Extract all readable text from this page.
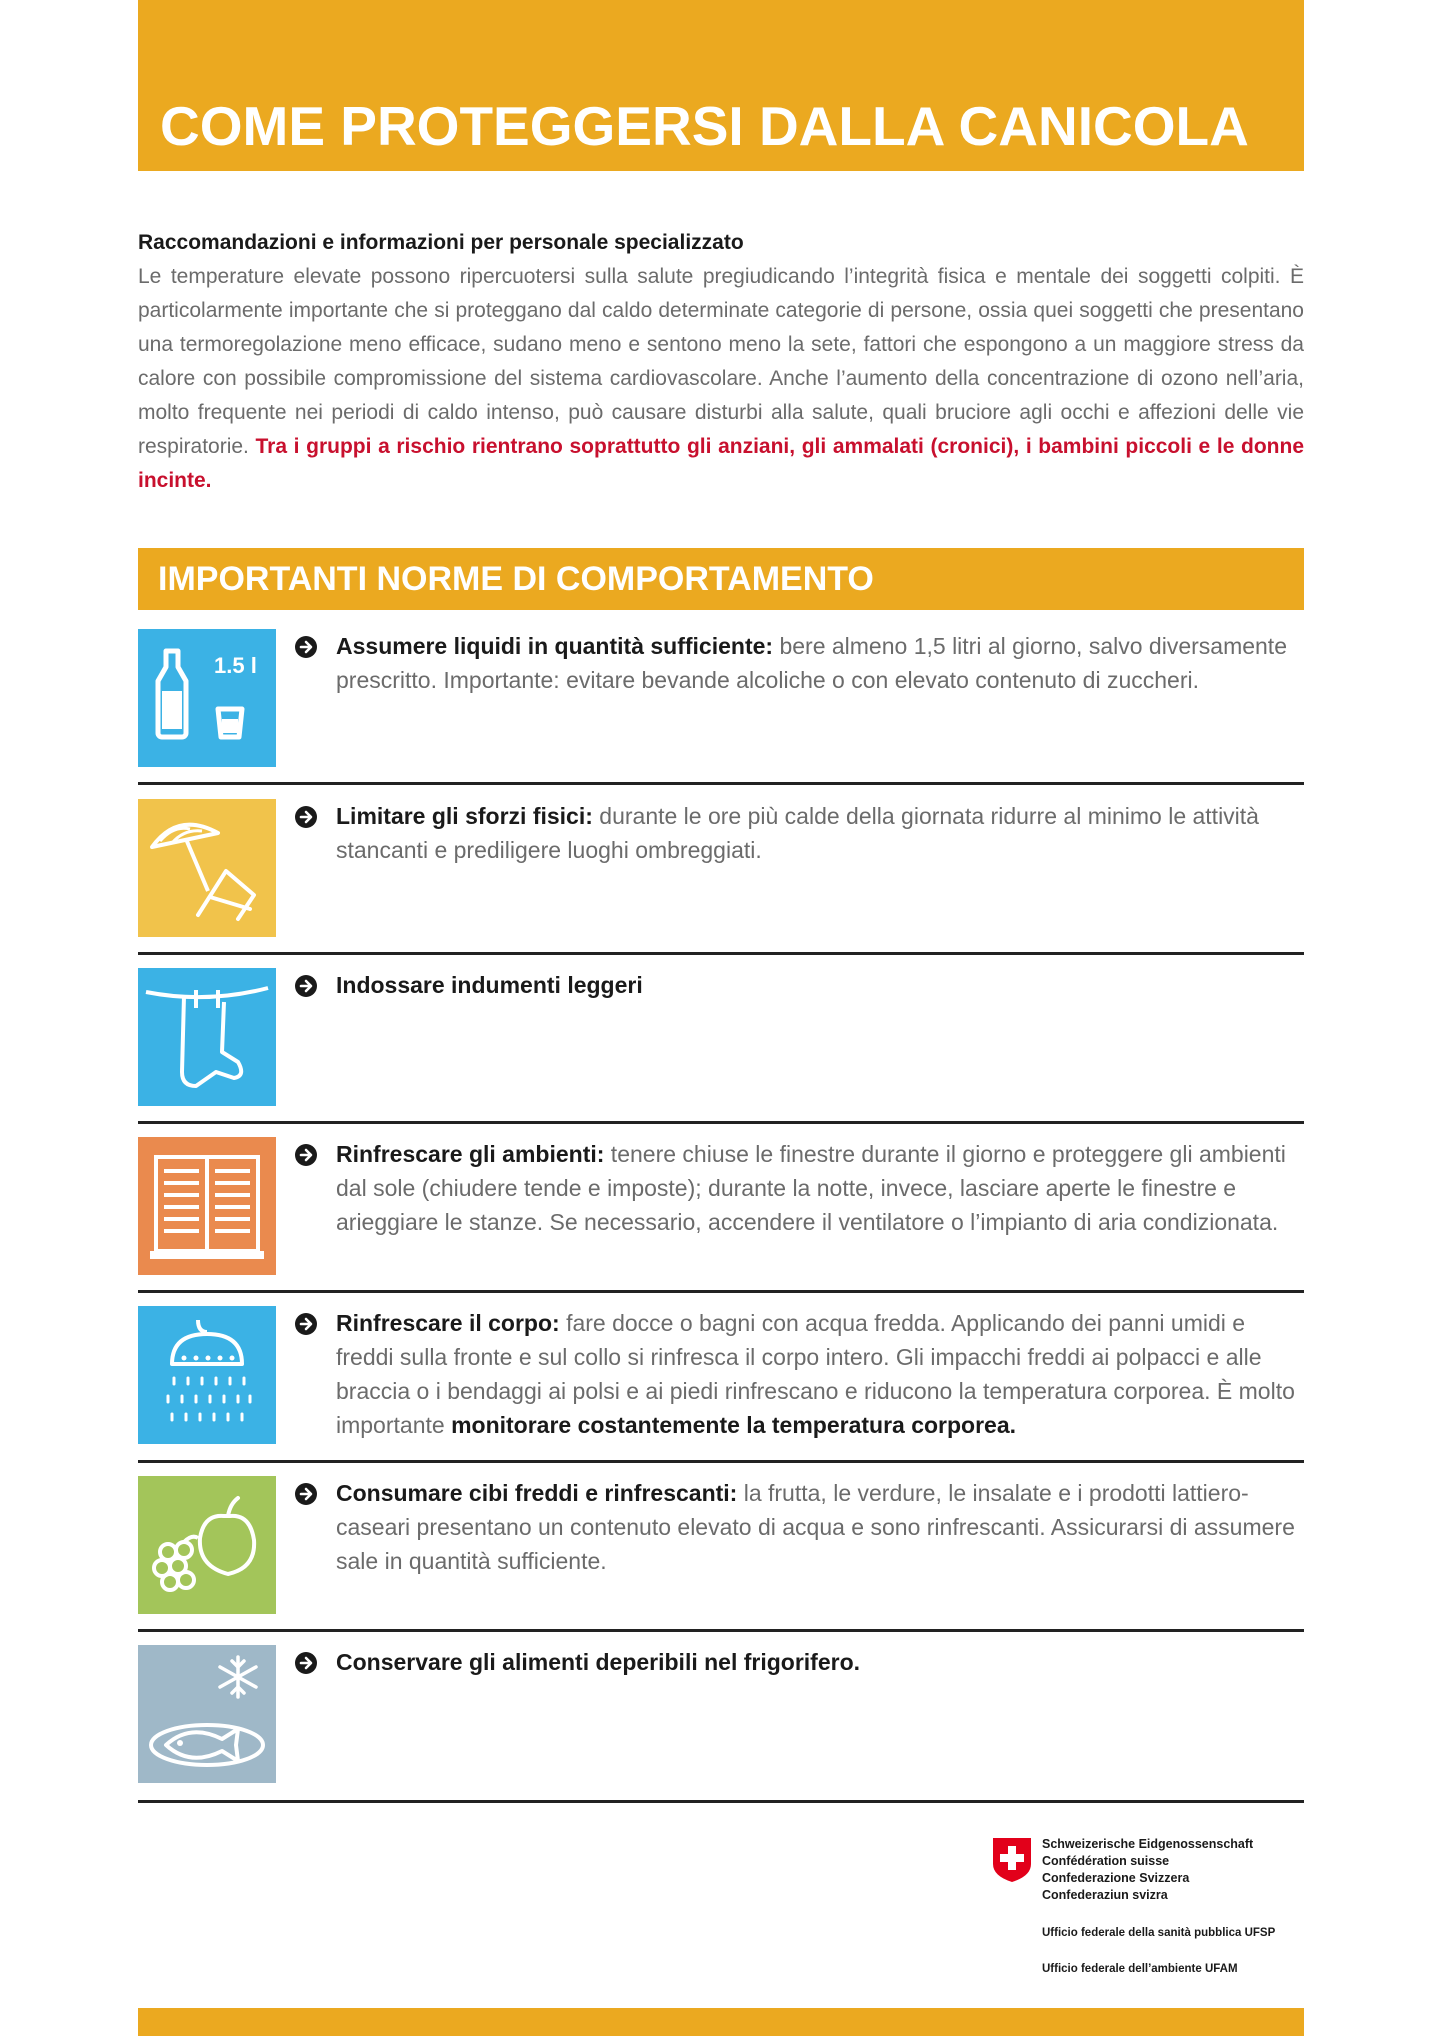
COME PROTEGGERSI DALLA CANICOLA

Raccomandazioni e informazioni per personale specializzato

Le temperature elevate possono ripercuotersi sulla salute pregiudicando l’integrità fisica e mentale dei soggetti colpiti. È particolarmente importante che si proteggano dal caldo determinate categorie di persone, ossia quei soggetti che presentano una termoregolazione meno efficace, sudano meno e sentono meno la sete, fattori che espongono a un maggiore stress da calore con possibile compromissione del sistema cardiovascolare. Anche l’aumento della concentrazione di ozono nell’aria, molto frequente nei periodi di caldo intenso, può causare disturbi alla salute, quali bruciore agli occhi e affezioni delle vie respiratorie. Tra i gruppi a rischio rientrano soprattutto gli anziani, gli ammalati (cronici), i bambini piccoli e le donne incinte.

IMPORTANTI NORME DI COMPORTAMENTO
1.5 l

Assumere liquidi in quantità sufficiente: bere almeno 1,5 litri al giorno, salvo diversamente prescritto. Importante: evitare bevande alcoliche o con elevato contenuto di zuccheri.

Limitare gli sforzi fisici: durante le ore più calde della giornata ridurre al minimo le attività stancanti e prediligere luoghi ombreggiati.

Indossare indumenti leggeri

Rinfrescare gli ambienti: tenere chiuse le finestre durante il giorno e proteggere gli ambienti dal sole (chiudere tende e imposte); durante la notte, invece, lasciare aperte le finestre e arieggiare le stanze. Se necessario, accendere il ventilatore o l’impianto di aria condizionata.

Rinfrescare il corpo: fare docce o bagni con acqua fredda. Applicando dei panni umidi e freddi sulla fronte e sul collo si rinfresca il corpo intero. Gli impacchi freddi ai polpacci e alle braccia o i bendaggi ai polsi e ai piedi rinfrescano e riducono la temperatura corporea. È molto importante monitorare costantemente la temperatura corporea.

Consumare cibi freddi e rinfrescanti: la frutta, le verdure, le insalate e i prodotti lattiero-caseari presentano un contenuto elevato di acqua e sono rinfrescanti. Assicurarsi di assumere sale in quantità sufficiente.

Conservare gli alimenti deperibili nel frigorifero.

Schweizerische Eidgenossenschaft
Confédération suisse
Confederazione Svizzera
Confederaziun svizra
Ufficio federale della sanità pubblica UFSP
Ufficio federale dell’ambiente UFAM
